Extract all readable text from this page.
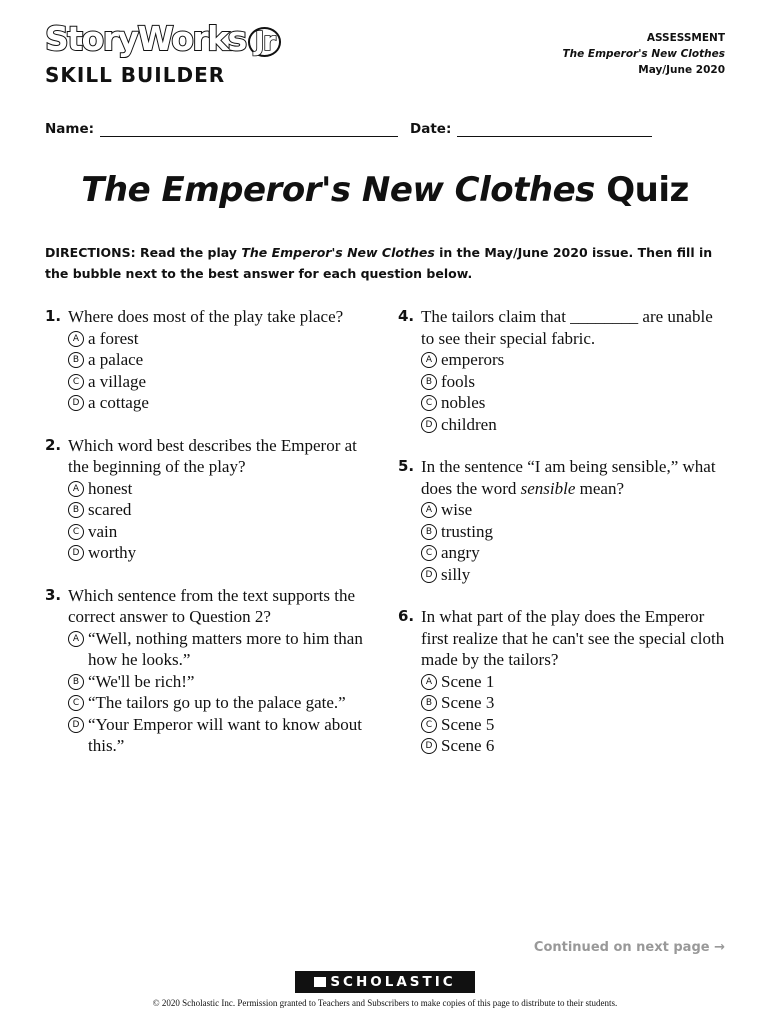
StoryWorks Jr
SKILL BUILDER
ASSESSMENT
The Emperor's New Clothes
May/June 2020
Name:	Date:
The Emperor's New Clothes Quiz
DIRECTIONS: Read the play The Emperor's New Clothes in the May/June 2020 issue. Then fill in the bubble next to the best answer for each question below.
1. Where does most of the play take place?
A a forest
B a palace
C a village
D a cottage
2. Which word best describes the Emperor at the beginning of the play?
A honest
B scared
C vain
D worthy
3. Which sentence from the text supports the correct answer to Question 2?
A “Well, nothing matters more to him than how he looks.”
B “We'll be rich!”
C “The tailors go up to the palace gate.”
D “Your Emperor will want to know about this.”
4. The tailors claim that ________ are unable to see their special fabric.
A emperors
B fools
C nobles
D children
5. In the sentence “I am being sensible,” what does the word sensible mean?
A wise
B trusting
C angry
D silly
6. In what part of the play does the Emperor first realize that he can't see the special cloth made by the tailors?
A Scene 1
B Scene 3
C Scene 5
D Scene 6
Continued on next page →
SCHOLASTIC
© 2020 Scholastic Inc. Permission granted to Teachers and Subscribers to make copies of this page to distribute to their students.
